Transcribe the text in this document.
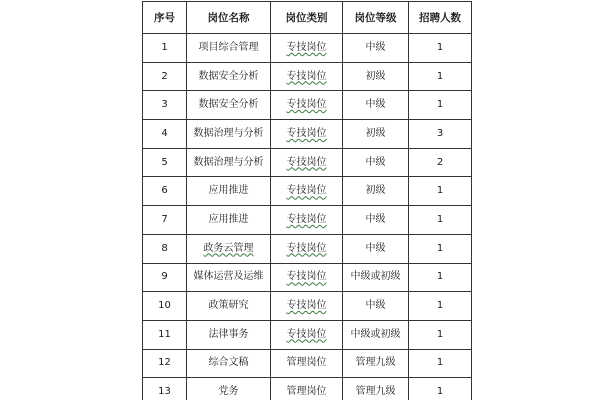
序号	岗位名称	岗位类别	岗位等级	招聘人数
1	项目综合管理	专技岗位	中级	1
2	数据安全分析	专技岗位	初级	1
3	数据安全分析	专技岗位	中级	1
4	数据治理与分析	专技岗位	初级	3
5	数据治理与分析	专技岗位	中级	2
6	应用推进	专技岗位	初级	1
7	应用推进	专技岗位	中级	1
8	政务云管理	专技岗位	中级	1
9	媒体运营及运维	专技岗位	中级或初级	1
10	政策研究	专技岗位	中级	1
11	法律事务	专技岗位	中级或初级	1
12	综合文稿	管理岗位	管理九级	1
13	党务	管理岗位	管理九级	1
